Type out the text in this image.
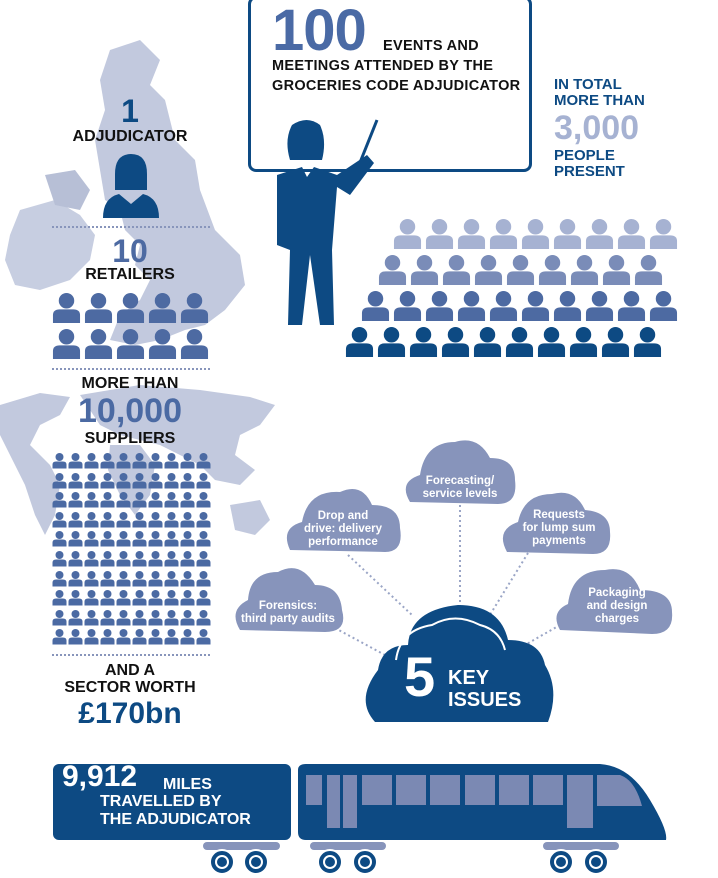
100 EVENTS AND
MEETINGS ATTENDED BY THE GROCERIES CODE ADJUDICATOR	IN TOTAL
MORE THAN
3,000
PEOPLE
PRESENT
1
ADJUDICATOR
10
RETAILERS
MORE THAN
10,000
SUPPLIERS
AND A
SECTOR WORTH
£170bn
Forensics:
third party audits
Drop and
drive: delivery
performance
Forecasting/
service levels
Requests
for lump sum
payments
Packaging
and design
charges
5 KEY
ISSUES
9,912 MILES
TRAVELLED BY
THE ADJUDICATOR
